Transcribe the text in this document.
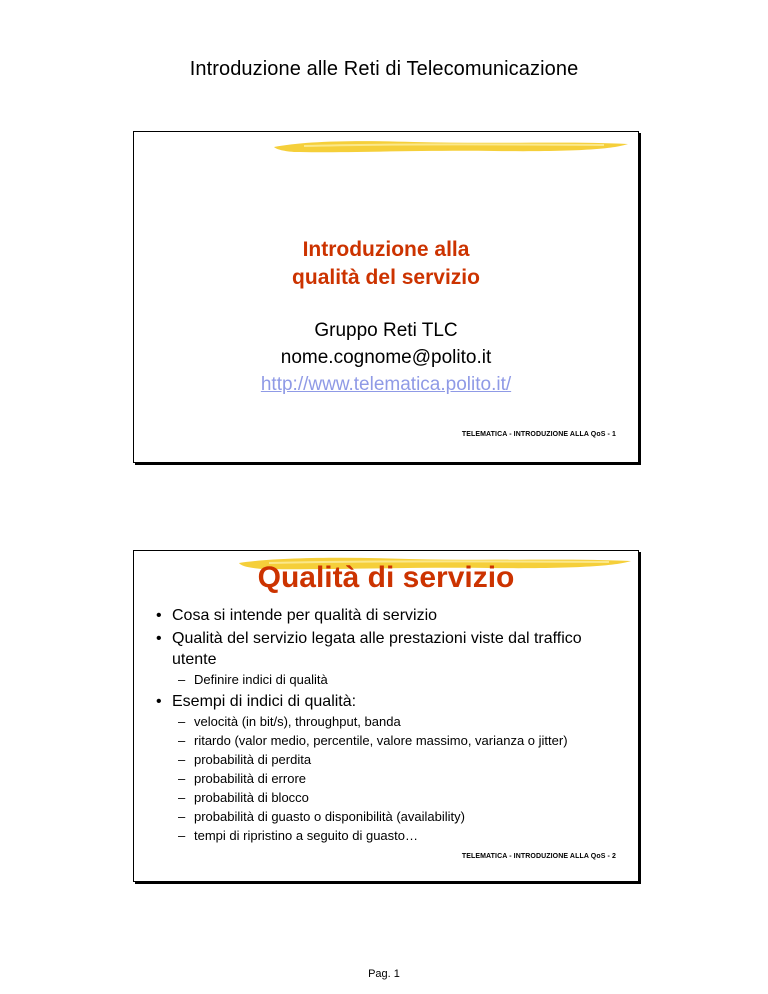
Introduzione alle Reti di Telecomunicazione
Introduzione alla
qualità del servizio
Gruppo Reti TLC
nome.cognome@polito.it
http://www.telematica.polito.it/
TELEMATICA - INTRODUZIONE ALLA QoS - 1
Qualità di servizio
• Cosa si intende per qualità di servizio
• Qualità del servizio legata alle prestazioni viste dal traffico utente
– Definire indici di qualità
• Esempi di indici di qualità:
– velocità (in bit/s), throughput, banda
– ritardo (valor medio, percentile, valore massimo, varianza o jitter)
– probabilità di perdita
– probabilità di errore
– probabilità di blocco
– probabilità di guasto o disponibilità (availability)
– tempi di ripristino a seguito di guasto…
TELEMATICA - INTRODUZIONE ALLA QoS - 2
Pag. 1
